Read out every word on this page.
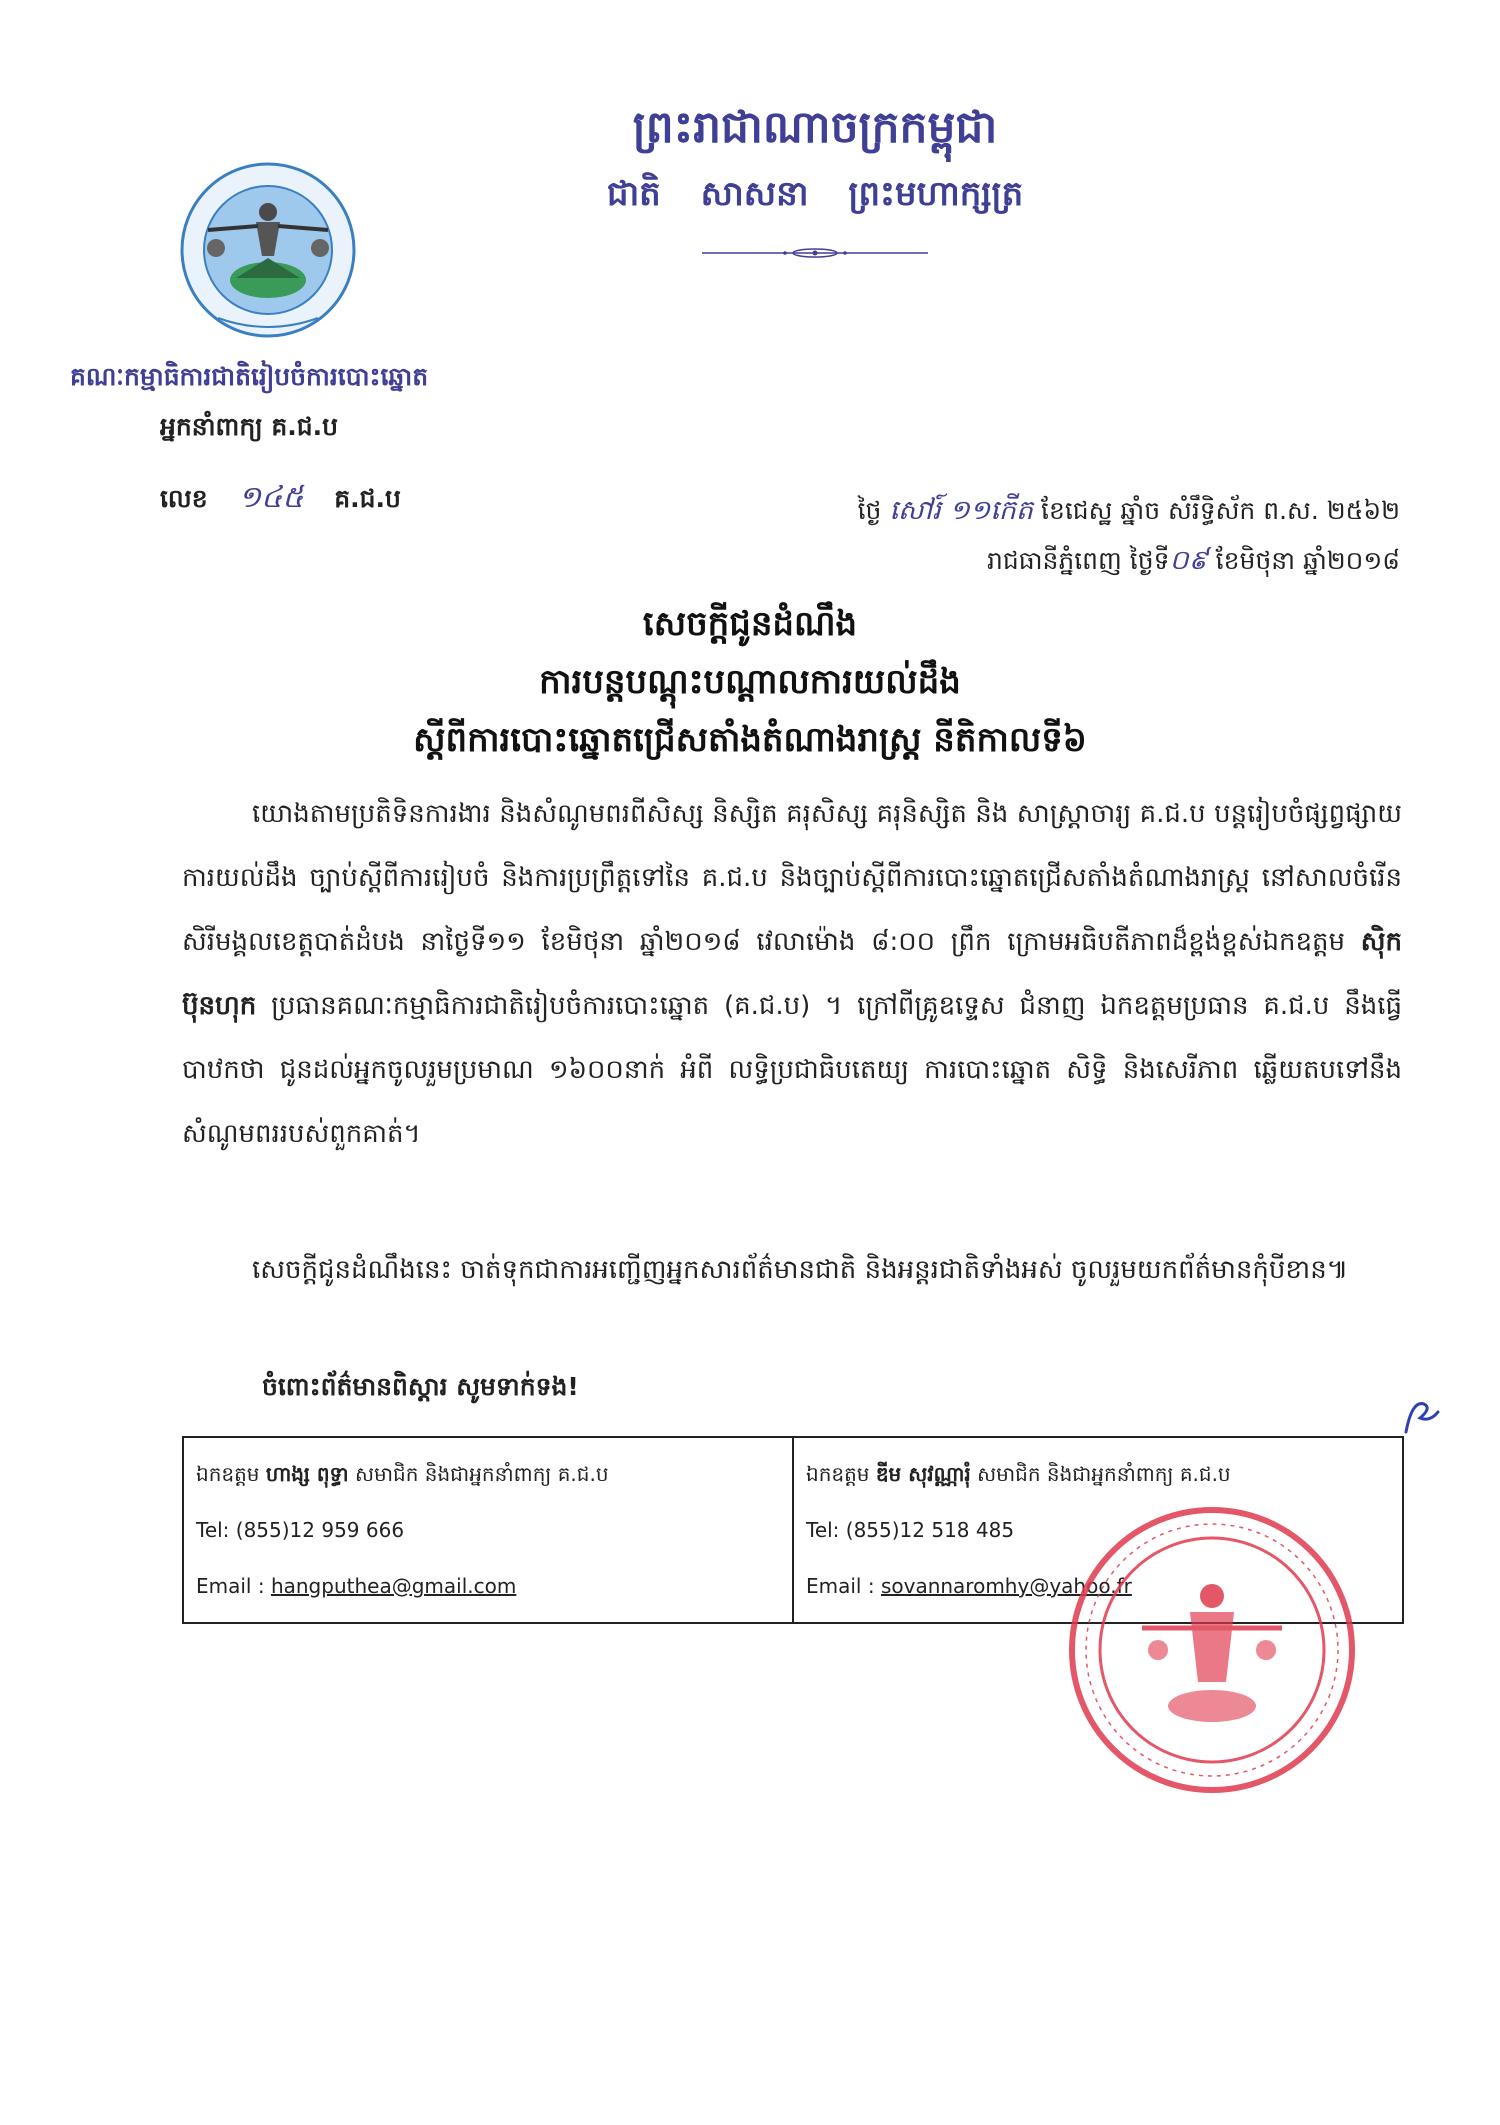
ព្រះរាជាណាចក្រកម្ពុជា
ជាតិ សាសនា ព្រះមហាក្សត្រ
គណៈកម្មាធិការជាតិរៀបចំការបោះឆ្នោត
អ្នកនាំពាក្យ គ.ជ.ប
លេខ ១៤៥ គ.ជ.ប	ថ្ងៃ សៅរ៍ ១១កើត ខែជេស្ឋ ឆ្នាំច សំរឹទ្ធិស័ក ព.ស. ២៥៦២
រាជធានីភ្នំពេញ ថ្ងៃទី០៩ ខែមិថុនា ឆ្នាំ២០១៨
សេចក្តីជូនដំណឹង
ការបន្តបណ្តុះបណ្តាលការយល់ដឹង
ស្តីពីការបោះឆ្នោតជ្រើសតាំងតំណាងរាស្ត្រ នីតិកាលទី៦
យោងតាមប្រតិទិនការងារ និងសំណូមពរពីសិស្ស និស្សិត គរុសិស្ស គរុនិស្សិត និង សាស្ត្រាចារ្យ គ.ជ.ប បន្តរៀបចំផ្សព្វផ្សាយការយល់ដឹង ច្បាប់ស្តីពីការរៀបចំ និងការប្រព្រឹត្តទៅនៃ គ.ជ.ប និងច្បាប់ស្តីពីការបោះឆ្នោតជ្រើសតាំងតំណាងរាស្ត្រ នៅសាលចំរើនសិរីមង្គលខេត្តបាត់ដំបង នាថ្ងៃទី១១ ខែមិថុនា ឆ្នាំ២០១៨ វេលាម៉ោង ៨:០០ ព្រឹក ក្រោមអធិបតីភាពដ៏ខ្ពង់ខ្ពស់ឯកឧត្តម ស៊ិក ប៊ុនហុក ប្រធានគណៈកម្មាធិការជាតិរៀបចំការបោះឆ្នោត (គ.ជ.ប) ។ ក្រៅពីគ្រូឧទ្ទេស ជំនាញ ឯកឧត្តមប្រធាន គ.ជ.ប នឹងធ្វើបាឋកថា ជូនដល់អ្នកចូលរួមប្រមាណ ១៦០០នាក់ អំពី លទ្ធិប្រជាធិបតេយ្យ ការបោះឆ្នោត សិទ្ធិ និងសេរីភាព ឆ្លើយតបទៅនឹងសំណូមពររបស់ពួកគាត់។
សេចក្តីជូនដំណឹងនេះ ចាត់ទុកជាការអញ្ជើញអ្នកសារព័ត៌មានជាតិ និងអន្តរជាតិទាំងអស់ ចូលរួមយកព័ត៌មានកុំបីខាន៕
ចំពោះព័ត៌មានពិស្តារ សូមទាក់ទង!
ឯកឧត្តម ហាង្ស ពុទ្ធា សមាជិក និងជាអ្នកនាំពាក្យ គ.ជ.ប
Tel: (855)12 959 666
Email : hangputhea@gmail.com

ឯកឧត្តម ឌីម សុវណ្ណារុំ សមាជិក និងជាអ្នកនាំពាក្យ គ.ជ.ប
Tel: (855)12 518 485
Email : sovannaromhy@yahoo.fr
